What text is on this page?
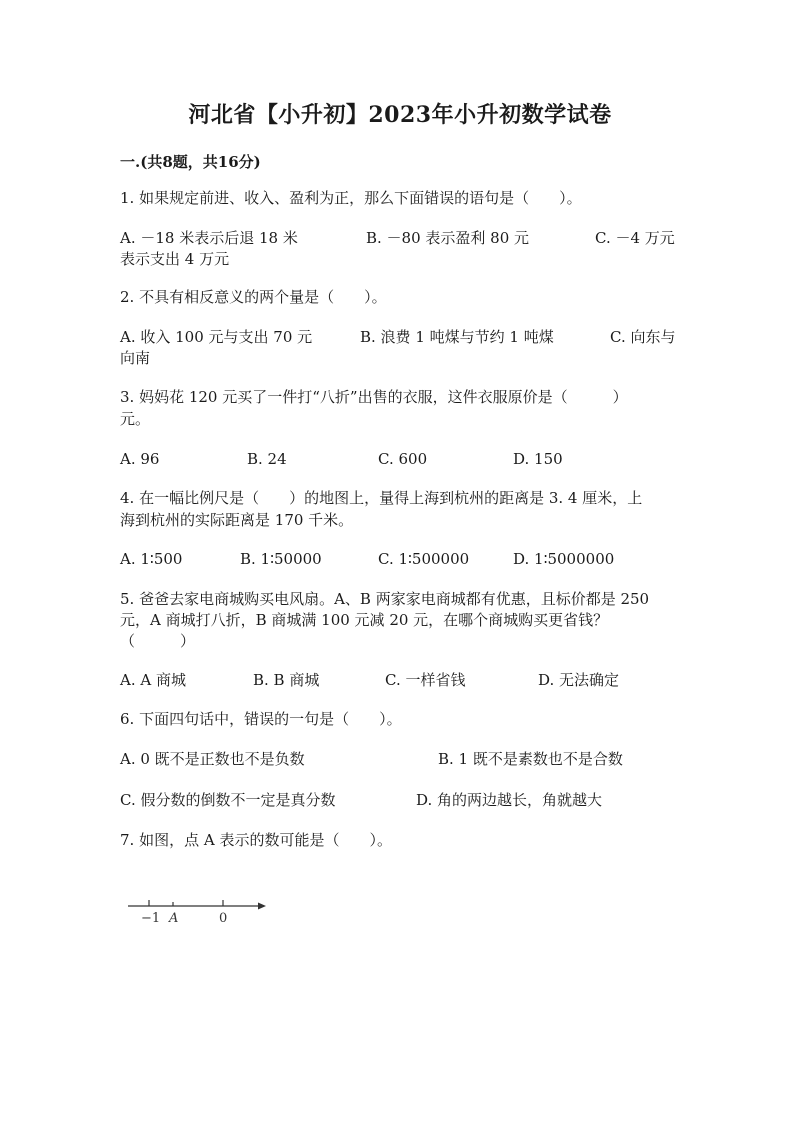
河北省【小升初】2023年小升初数学试卷
一.(共8题，共16分)
1. 如果规定前进、收入、盈利为正，那么下面错误的语句是（　　）。
A. －18 米表示后退 18 米	B. －80 表示盈利 80 元	C. －4 万元
表示支出 4 万元
2. 不具有相反意义的两个量是（　　）。
A. 收入 100 元与支出 70 元	B. 浪费 1 吨煤与节约 1 吨煤	C. 向东与
向南
3. 妈妈花 120 元买了一件打“八折”出售的衣服，这件衣服原价是（　　　）
元。
A. 96	B. 24	C. 600	D. 150
4. 在一幅比例尺是（　　）的地图上，量得上海到杭州的距离是 3. 4 厘米，上
海到杭州的实际距离是 170 千米。
A. 1∶500	B. 1∶50000	C. 1∶500000	D. 1∶5000000
5. 爸爸去家电商城购买电风扇。A、B 两家家电商城都有优惠，且标价都是 250
元，A 商城打八折，B 商城满 100 元减 20 元，在哪个商城购买更省钱？
（　　　）
A. A 商城	B. B 商城	C. 一样省钱	D. 无法确定
6. 下面四句话中，错误的一句是（　　）。
A. 0 既不是正数也不是负数	B. 1 既不是素数也不是合数
C. 假分数的倒数不一定是真分数	D. 角的两边越长，角就越大
7. 如图，点 A 表示的数可能是（　　）。
−1 A	0
